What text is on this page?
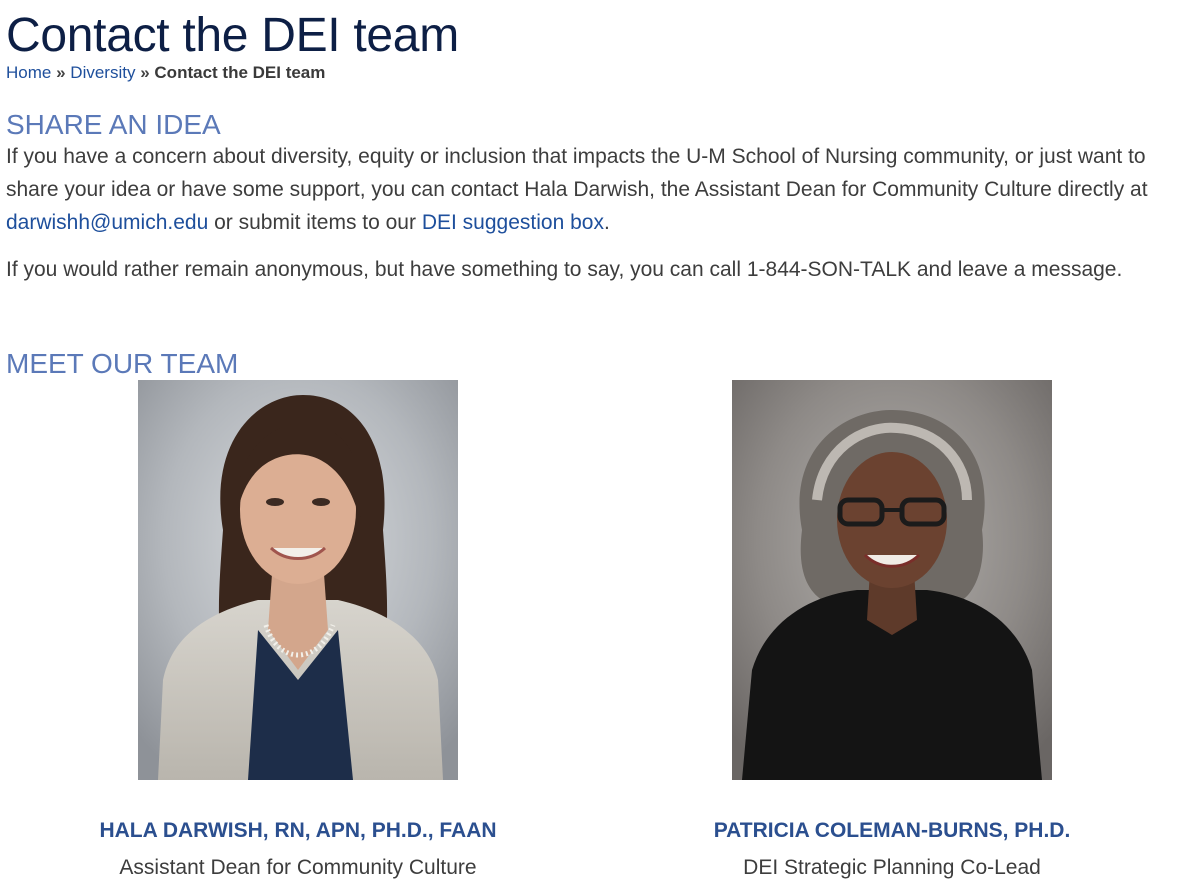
Contact the DEI team
Home » Diversity » Contact the DEI team
SHARE AN IDEA

If you have a concern about diversity, equity or inclusion that impacts the U-M School of Nursing community, or just want to share your idea or have some support, you can contact Hala Darwish, the Assistant Dean for Community Culture directly at darwishh@umich.edu or submit items to our DEI suggestion box.

If you would rather remain anonymous, but have something to say, you can call 1-844-SON-TALK and leave a message.

MEET OUR TEAM
HALA DARWISH, RN, APN, PH.D., FAAN
Assistant Dean for Community Culture
PATRICIA COLEMAN-BURNS, PH.D.
DEI Strategic Planning Co-Lead
